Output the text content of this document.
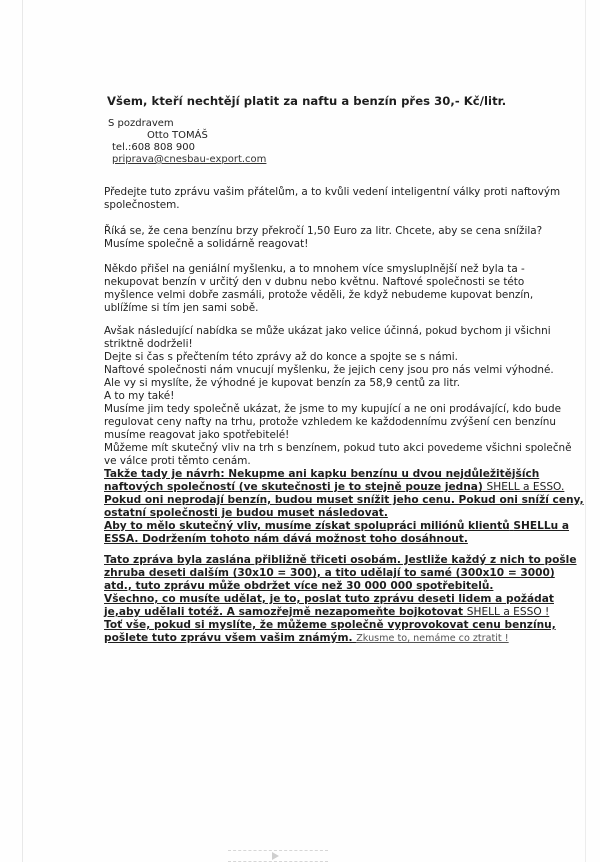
Všem, kteří nechtějí platit za naftu a benzín přes 30,- Kč/litr.
S pozdravem
Otto TOMÁŠ
tel.:608 808 900
priprava@cnesbau-export.com
Předejte tuto zprávu vašim přátelům, a to kvůli vedení inteligentní války proti naftovým
společnostem.
Říká se, že cena benzínu brzy překročí 1,50 Euro za litr. Chcete, aby se cena snížila?
Musíme společně a solidárně reagovat!
Někdo přišel na geniální myšlenku, a to mnohem více smysluplnější než byla ta -
nekupovat benzín v určitý den v dubnu nebo květnu. Naftové společnosti se této
myšlence velmi dobře zasmáli, protože věděli, že když nebudeme kupovat benzín,
ublížíme si tím jen sami sobě.
Avšak následující nabídka se může ukázat jako velice účinná, pokud bychom ji všichni
striktně dodrželi!
Dejte si čas s přečtením této zprávy až do konce a spojte se s námi.
Naftové společnosti nám vnucují myšlenku, že jejich ceny jsou pro nás velmi výhodné.
Ale vy si myslíte, že výhodné je kupovat benzín za 58,9 centů za litr.
A to my také!
Musíme jim tedy společně ukázat, že jsme to my kupující a ne oni prodávající, kdo bude
regulovat ceny nafty na trhu, protože vzhledem ke každodennímu zvýšení cen benzínu
musíme reagovat jako spotřebitelé!
Můžeme mít skutečný vliv na trh s benzínem, pokud tuto akci povedeme všichni společně
ve válce proti těmto cenám.
Takže tady je návrh: Nekupme ani kapku benzínu u dvou nejdůležitějších
naftových společností (ve skutečnosti je to stejně pouze jedna) SHELL a ESSO.
Pokud oni neprodají benzín, budou muset snížit jeho cenu. Pokud oni sníží ceny,
ostatní společnosti je budou muset následovat.
Aby to mělo skutečný vliv, musíme získat spolupráci miliónů klientů SHELLu a
ESSA. Dodržením tohoto nám dává možnost toho dosáhnout.
Tato zpráva byla zaslána přibližně třiceti osobám. Jestliže každý z nich to pošle
zhruba deseti dalším (30x10 = 300), a tito udělají to samé (300x10 = 3000)
atd., tuto zprávu může obdržet více než 30 000 000 spotřebitelů.
Všechno, co musíte udělat, je to, poslat tuto zprávu deseti lidem a požádat
je,aby udělali totéž. A samozřejmě nezapomeňte bojkotovat SHELL a ESSO !
Toť vše, pokud si myslíte, že můžeme společně vyprovokovat cenu benzínu,
pošlete tuto zprávu všem vašim známým. Zkusme to, nemáme co ztratit !
